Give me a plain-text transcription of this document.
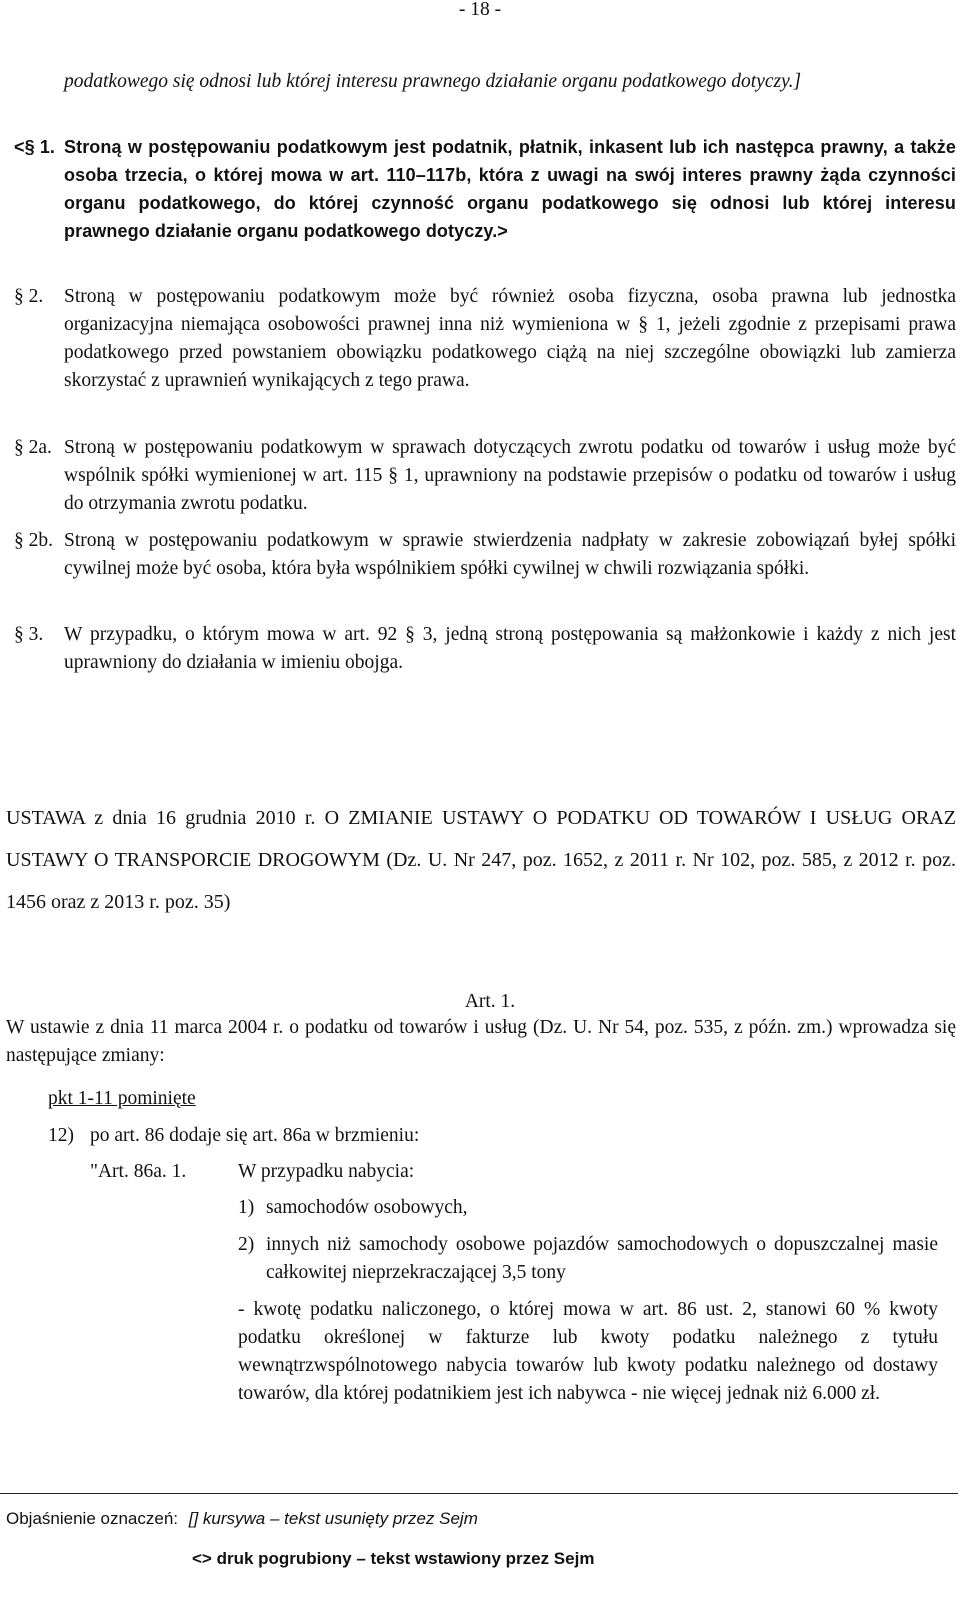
- 18 -
podatkowego się odnosi lub której interesu prawnego działanie organu podatkowego dotyczy.]
<§ 1. Stroną w postępowaniu podatkowym jest podatnik, płatnik, inkasent lub ich następca prawny, a także osoba trzecia, o której mowa w art. 110–117b, która z uwagi na swój interes prawny żąda czynności organu podatkowego, do której czynność organu podatkowego się odnosi lub której interesu prawnego działanie organu podatkowego dotyczy.>
§ 2. Stroną w postępowaniu podatkowym może być również osoba fizyczna, osoba prawna lub jednostka organizacyjna niemająca osobowości prawnej inna niż wymieniona w § 1, jeżeli zgodnie z przepisami prawa podatkowego przed powstaniem obowiązku podatkowego ciążą na niej szczególne obowiązki lub zamierza skorzystać z uprawnień wynikających z tego prawa.
§ 2a. Stroną w postępowaniu podatkowym w sprawach dotyczących zwrotu podatku od towarów i usług może być wspólnik spółki wymienionej w art. 115 § 1, uprawniony na podstawie przepisów o podatku od towarów i usług do otrzymania zwrotu podatku.
§ 2b. Stroną w postępowaniu podatkowym w sprawie stwierdzenia nadpłaty w zakresie zobowiązań byłej spółki cywilnej może być osoba, która była wspólnikiem spółki cywilnej w chwili rozwiązania spółki.
§ 3. W przypadku, o którym mowa w art. 92 § 3, jedną stroną postępowania są małżonkowie i każdy z nich jest uprawniony do działania w imieniu obojga.
USTAWA z dnia 16 grudnia 2010 r. O ZMIANIE USTAWY O PODATKU OD TOWARÓW I USŁUG ORAZ USTAWY O TRANSPORCIE DROGOWYM (Dz. U. Nr 247, poz. 1652, z 2011 r. Nr 102, poz. 585, z 2012 r. poz. 1456 oraz z 2013 r. poz. 35)
Art. 1.
W ustawie z dnia 11 marca 2004 r. o podatku od towarów i usług (Dz. U. Nr 54, poz. 535, z późn. zm.) wprowadza się następujące zmiany:
pkt 1-11 pominięte
12) po art. 86 dodaje się art. 86a w brzmieniu:
"Art. 86a. 1.	W przypadku nabycia:
1) samochodów osobowych,
2) innych niż samochody osobowe pojazdów samochodowych o dopuszczalnej masie całkowitej nieprzekraczającej 3,5 tony
- kwotę podatku naliczonego, o której mowa w art. 86 ust. 2, stanowi 60 % kwoty podatku określonej w fakturze lub kwoty podatku należnego z tytułu wewnątrzwspólnotowego nabycia towarów lub kwoty podatku należnego od dostawy towarów, dla której podatnikiem jest ich nabywca - nie więcej jednak niż 6.000 zł.
Objaśnienie oznaczeń: [] kursywa – tekst usunięty przez Sejm
<> druk pogrubiony – tekst wstawiony przez Sejm
